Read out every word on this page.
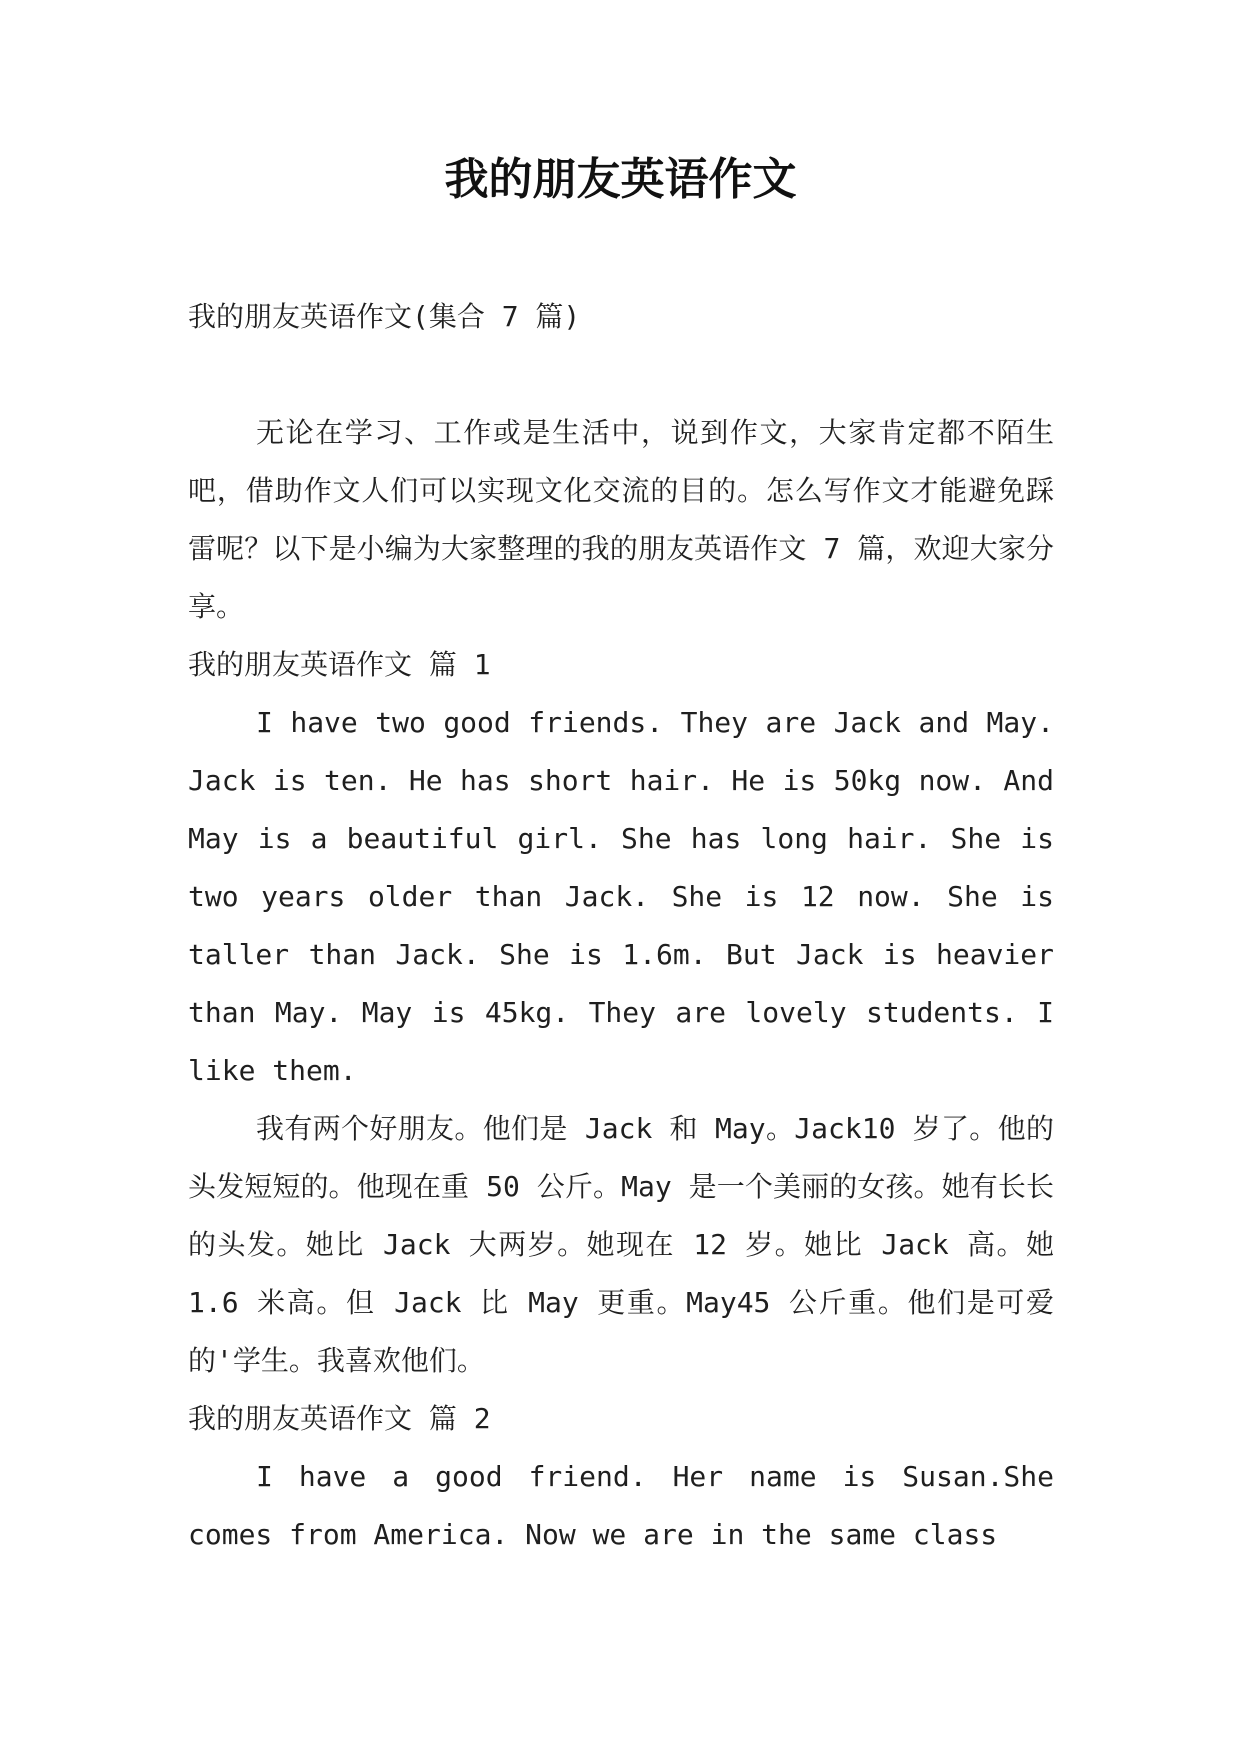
我的朋友英语作文

我的朋友英语作文(集合 7 篇)

无论在学习、工作或是生活中，说到作文，大家肯定都不陌生吧，借助作文人们可以实现文化交流的目的。怎么写作文才能避免踩雷呢？以下是小编为大家整理的我的朋友英语作文 7 篇，欢迎大家分享。

我的朋友英语作文 篇 1

I have two good friends. They are Jack and May. Jack is ten. He has short hair. He is 50kg now. And May is a beautiful girl. She has long hair. She is two years older than Jack. She is 12 now. She is taller than Jack. She is 1.6m. But Jack is heavier than May. May is 45kg. They are lovely students. I like them.

我有两个好朋友。他们是 Jack 和 May。Jack10 岁了。他的头发短短的。他现在重 50 公斤。May 是一个美丽的女孩。她有长长的头发。她比 Jack 大两岁。她现在 12 岁。她比 Jack 高。她 1.6 米高。但 Jack 比 May 更重。May45 公斤重。他们是可爱的'学生。我喜欢他们。

我的朋友英语作文 篇 2

I have a good friend. Her name is Susan.She comes from America. Now we are in the same class
